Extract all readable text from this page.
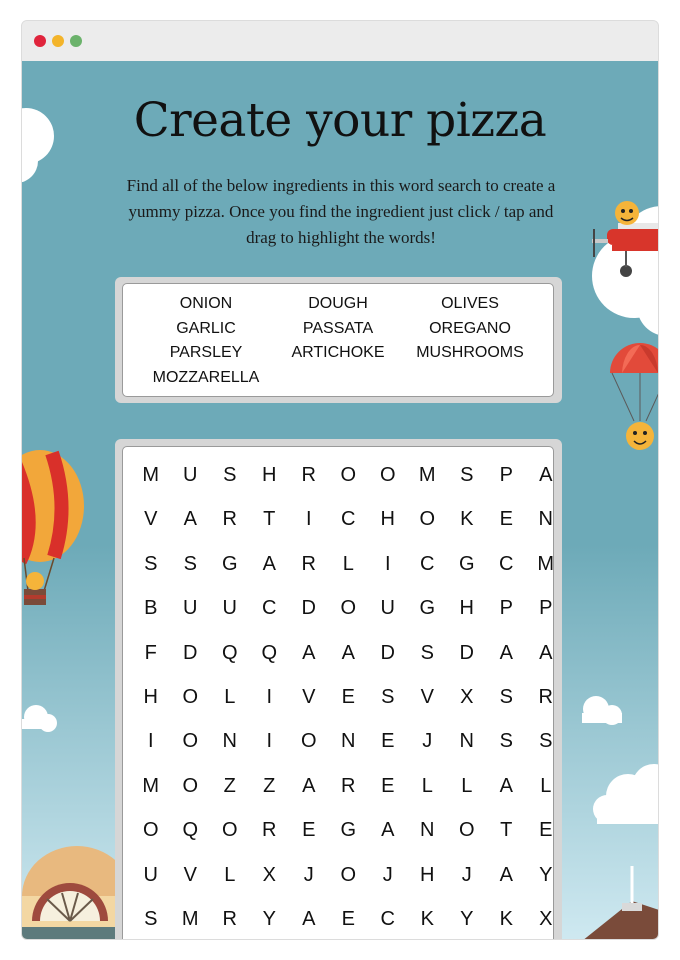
Create your pizza

Find all of the below ingredients in this word search to create a yummy pizza. Once you find the ingredient just click / tap and drag to highlight the words!

ONION	DOUGH	OLIVES
GARLIC	PASSATA	OREGANO
PARSLEY	ARTICHOKE	MUSHROOMS
MOZZARELLA
M	U	S	H	R	O	O	M	S	P	A
V	A	R	T	I	C	H	O	K	E	N
S	S	G	A	R	L	I	C	G	C	M
B	U	U	C	D	O	U	G	H	P	P
F	D	Q	Q	A	A	D	S	D	A	A
H	O	L	I	V	E	S	V	X	S	R
I	O	N	I	O	N	E	J	N	S	S
M	O	Z	Z	A	R	E	L	L	A	L
O	Q	O	R	E	G	A	N	O	T	E
U	V	L	X	J	O	J	H	J	A	Y
S	M	R	Y	A	E	C	K	Y	K	X
